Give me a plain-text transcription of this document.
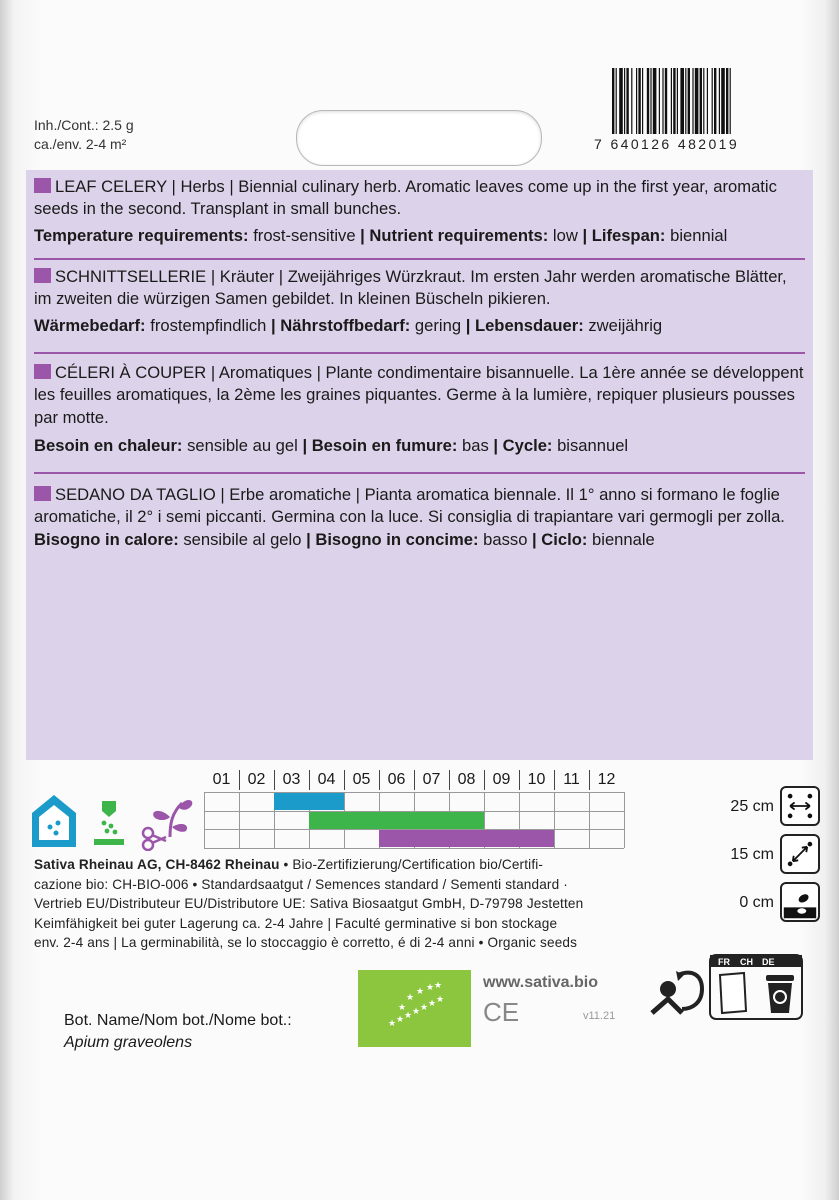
Inh./Cont.: 2.5 g
ca./env. 2-4 m²	7 640126 482019
LEAF CELERY | Herbs | Biennial culinary herb. Aromatic leaves come up in the first year, aromatic seeds in the second. Transplant in small bunches.
Temperature requirements: frost-sensitive | Nutrient requirements: low | Lifespan: biennial
SCHNITTSELLERIE | Kräuter | Zweijähriges Würzkraut. Im ersten Jahr werden aromatische Blätter, im zweiten die würzigen Samen gebildet. In kleinen Büscheln pikieren.
Wärmebedarf: frostempfindlich | Nährstoffbedarf: gering | Lebensdauer: zweijährig
CÉLERI À COUPER | Aromatiques | Plante condimentaire bisannuelle. La 1ère année se développent les feuilles aromatiques, la 2ème les graines piquantes. Germe à la lumière, repiquer plusieurs pousses par motte.
Besoin en chaleur: sensible au gel | Besoin en fumure: bas | Cycle: bisannuel
SEDANO DA TAGLIO | Erbe aromatiche | Pianta aromatica biennale. Il 1° anno si formano le foglie aromatiche, il 2° i semi piccanti. Germina con la luce. Si consiglia di trapiantare vari germogli per zolla.
Bisogno in calore: sensibile al gelo | Bisogno in concime: basso | Ciclo: biennale
01	02	03	04	05	06	07	08	09	10	11	12
Sativa Rheinau AG, CH-8462 Rheinau • Bio-Zertifizierung/Certification bio/Certifi-
cazione bio: CH-BIO-006 • Standardsaatgut / Semences standard / Sementi standard ·
Vertrieb EU/Distributeur EU/Distributore UE: Sativa Biosaatgut GmbH, D-79798 Jestetten
Keimfähigkeit bei guter Lagerung ca. 2-4 Jahre | Faculté germinative si bon stockage
env. 2-4 ans | La germinabilità, se lo stoccaggio è corretto, é di 2-4 anni • Organic seeds
25 cm
15 cm
0 cm
★ ★ ★ ★ ★ ★ ★
★
★
★ ★ ★	www.sativa.bio
CE	v11.21
Bot. Name/Nom bot./Nome bot.:
Apium graveolens
FR CH DE
